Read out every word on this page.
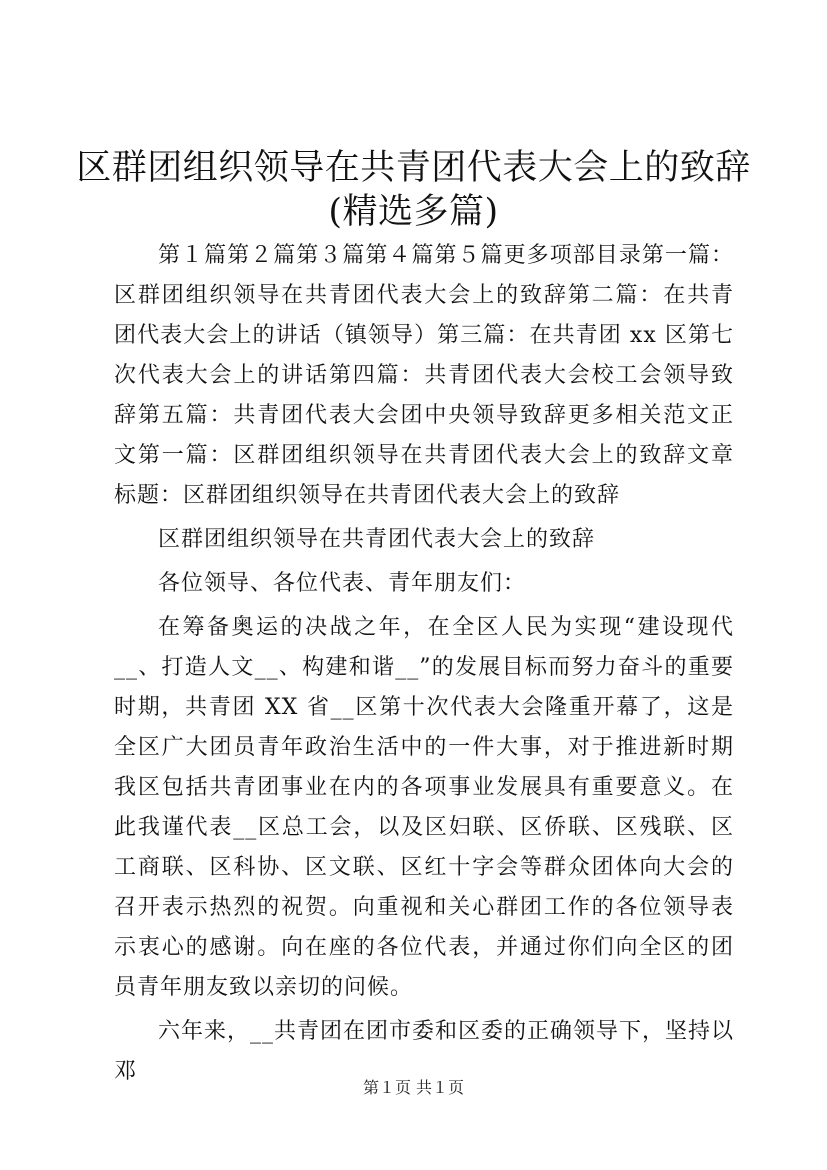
区群团组织领导在共青团代表大会上的致辞
(精选多篇)

第１篇第２篇第３篇第４篇第５篇更多项部目录第一篇：区群团组织领导在共青团代表大会上的致辞第二篇：在共青团代表大会上的讲话（镇领导）第三篇：在共青团 xx 区第七次代表大会上的讲话第四篇：共青团代表大会校工会领导致辞第五篇：共青团代表大会团中央领导致辞更多相关范文正文第一篇：区群团组织领导在共青团代表大会上的致辞文章标题：区群团组织领导在共青团代表大会上的致辞

区群团组织领导在共青团代表大会上的致辞

各位领导、各位代表、青年朋友们：

在筹备奥运的决战之年，在全区人民为实现“建设现代__、打造人文__、构建和谐__”的发展目标而努力奋斗的重要时期，共青团 XX 省__区第十次代表大会隆重开幕了，这是全区广大团员青年政治生活中的一件大事，对于推进新时期我区包括共青团事业在内的各项事业发展具有重要意义。在此我谨代表__区总工会，以及区妇联、区侨联、区残联、区工商联、区科协、区文联、区红十字会等群众团体向大会的召开表示热烈的祝贺。向重视和关心群团工作的各位领导表示衷心的感谢。向在座的各位代表，并通过你们向全区的团员青年朋友致以亲切的问候。

六年来，__共青团在团市委和区委的正确领导下，坚持以邓

第１页 共１页
